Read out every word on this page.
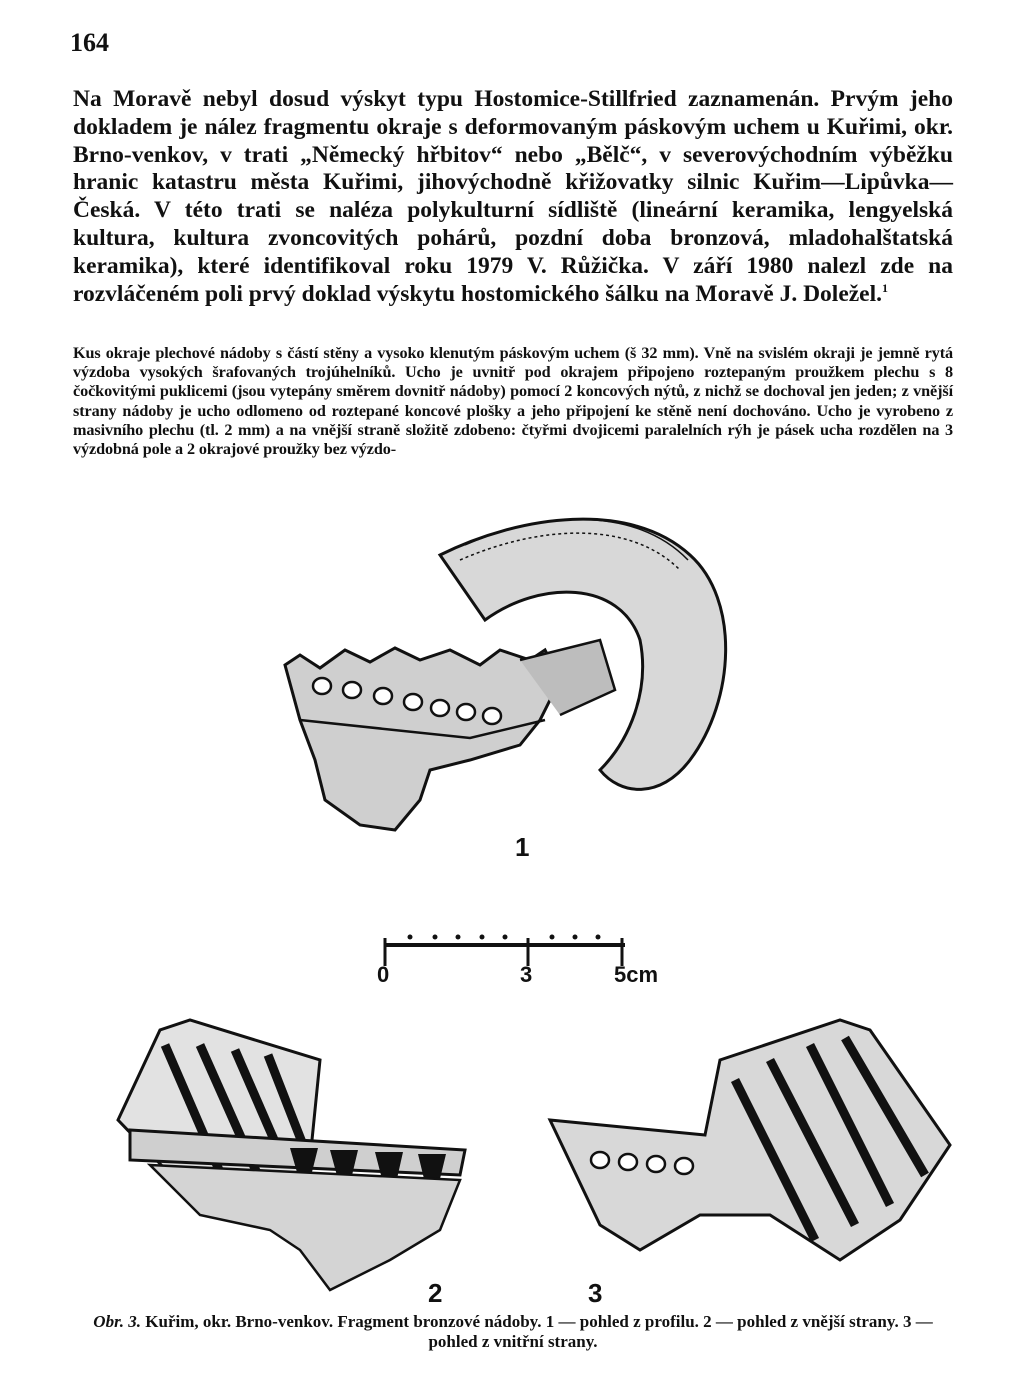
164

Na Moravě nebyl dosud výskyt typu Hostomice-Stillfried zaznamenán. Prvým jeho dokladem je nález fragmentu okraje s deformovaným páskovým uchem u Kuřimi, okr. Brno-venkov, v trati „Německý hřbitov“ nebo „Bělč“, v severovýchodním výběžku hranic katastru města Kuřimi, jihovýchodně křižovatky silnic Kuřim—Lipůvka—Česká. V této trati se naléza polykulturní sídliště (lineární keramika, lengyelská kultura, kultura zvoncovitých pohárů, pozdní doba bronzová, mladohalštatská keramika), které identifikoval roku 1979 V. Růžička. V září 1980 nalezl zde na rozvláčeném poli prvý doklad výskytu hostomického šálku na Moravě J. Doležel.$^1$

Kus okraje plechové nádoby s částí stěny a vysoko klenutým páskovým uchem (š 32 mm). Vně na svislém okraji je jemně rytá výzdoba vysokých šrafovaných trojúhelníků. Ucho je uvnitř pod okrajem připojeno roztepaným proužkem plechu s 8 čočkovitými puklicemi (jsou vytepány směrem dovnitř nádoby) pomocí 2 koncových nýtů, z nichž se dochoval jen jeden; z vnější strany nádoby je ucho odlomeno od roztepané koncové plošky a jeho připojení ke stěně není dochováno. Ucho je vyrobeno z masivního plechu (tl. 2 mm) a na vnější straně složitě zdobeno: čtyřmi dvojicemi paralelních rýh je pásek ucha rozdělen na 3 výzdobná pole a 2 okrajové proužky bez výzdo-

1
0	3	5cm
2	3

Obr. 3. Kuřim, okr. Brno-venkov. Fragment bronzové nádoby. 1 — pohled z profilu. 2 — pohled z vnější strany. 3 — pohled z vnitřní strany.
